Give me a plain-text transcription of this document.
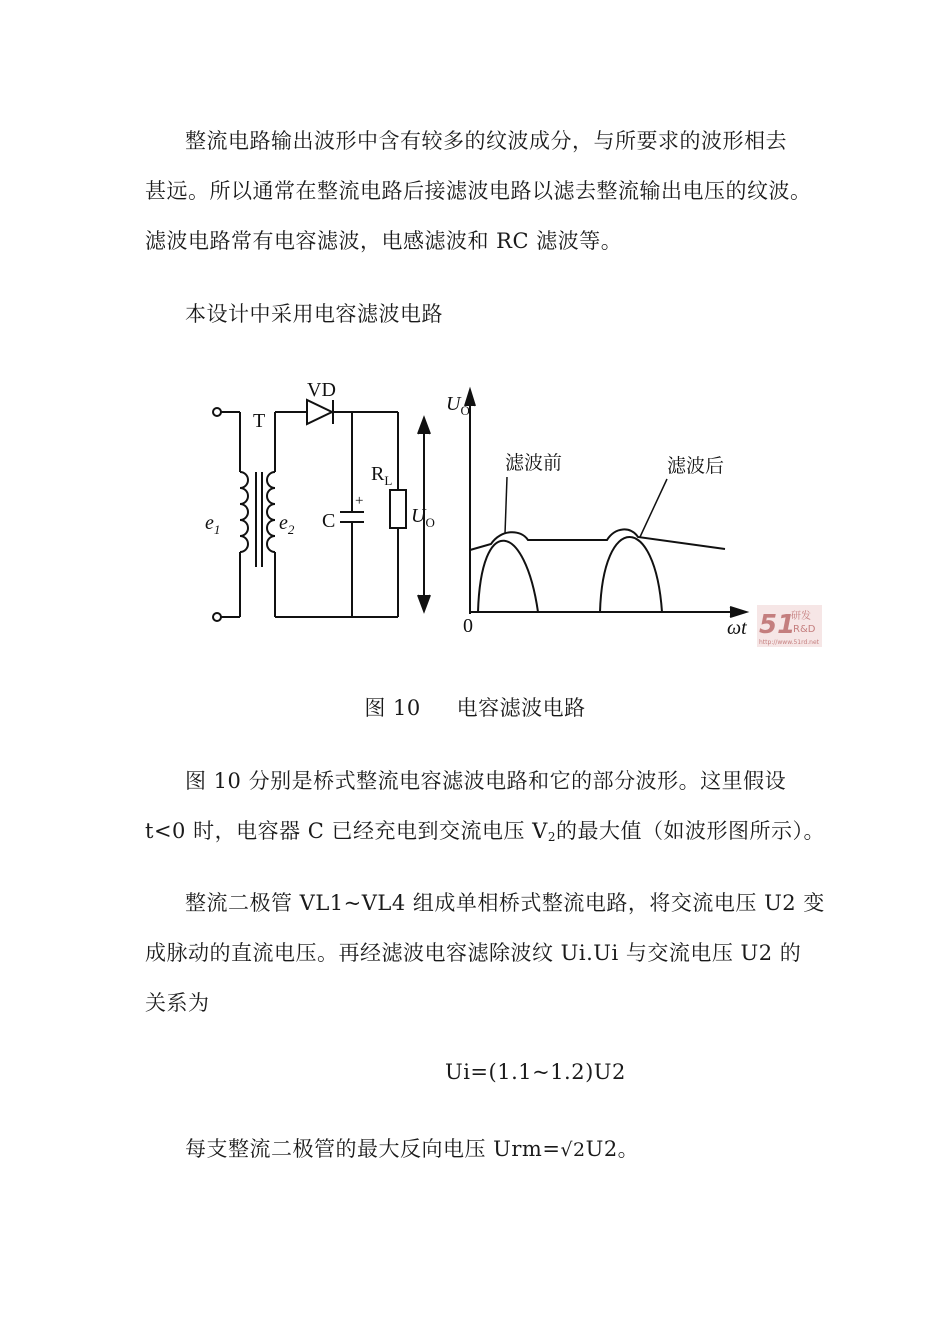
整流电路输出波形中含有较多的纹波成分，与所要求的波形相去
甚远。所以通常在整流电路后接滤波电路以滤去整流输出电压的纹波。
滤波电路常有电容滤波，电感滤波和 RC 滤波等。
本设计中采用电容滤波电路
VD
T
$e_1$	$e_2$ C
+
$R_L$
$U_O$
$U_O$
滤波前	滤波后
0	ωt 51
研发
R&D
http://www.51rd.net
图 10     电容滤波电路
图 10 分别是桥式整流电容滤波电路和它的部分波形。这里假设
t<0 时，电容器 C 已经充电到交流电压 V2的最大值（如波形图所示）。
整流二极管 VL1~VL4 组成单相桥式整流电路，将交流电压 U2 变
成脉动的直流电压。再经滤波电容滤除波纹 Ui.Ui 与交流电压 U2 的
关系为
Ui=(1.1~1.2)U2
每支整流二极管的最大反向电压 Urm=√2U2。
